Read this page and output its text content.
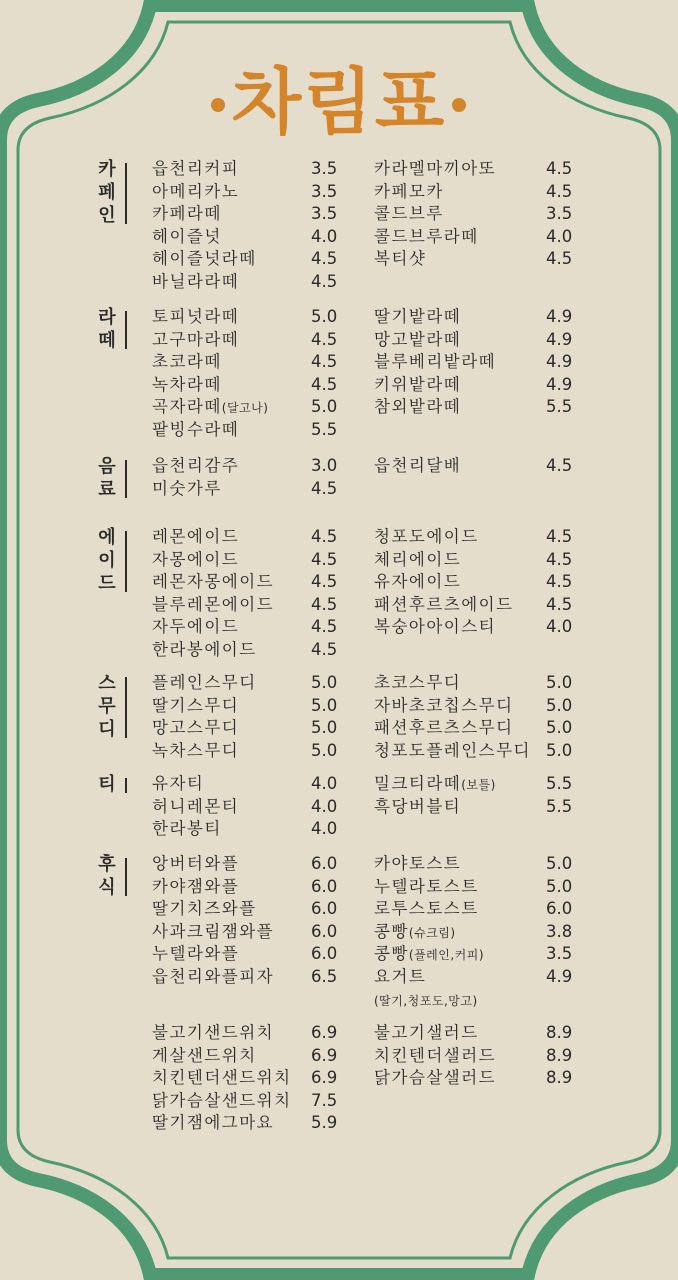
차림표
카
페
인
읍천리커피	3.5
아메리카노	3.5
카페라떼	3.5
헤이즐넛	4.0
헤이즐넛라떼	4.5
바닐라라떼	4.5
카라멜마끼아또	4.5
카페모카	4.5
콜드브루	3.5
콜드브루라떼	4.0
복티샷	4.5
라
떼
토피넛라떼	5.0
고구마라떼	4.5
초코라떼	4.5
녹차라떼	4.5
곡자라떼(달고나)	5.0
팥빙수라떼	5.5
딸기밭라떼	4.9
망고밭라떼	4.9
블루베리밭라떼	4.9
키위밭라떼	4.9
참외밭라떼	5.5
음
료
읍천리감주	3.0
미숫가루	4.5
읍천리달배	4.5
에
이
드
레몬에이드	4.5
자몽에이드	4.5
레몬자몽에이드 4.5
블루레몬에이드 4.5
자두에이드	4.5
한라봉에이드	4.5
청포도에이드	4.5
체리에이드	4.5
유자에이드	4.5
패션후르츠에이드 4.5
복숭아아이스티	4.0
스
무
디
플레인스무디	5.0
딸기스무디	5.0
망고스무디	5.0
녹차스무디	5.0
초코스무디	5.0
자바초코칩스무디 5.0
패션후르츠스무디 5.0
청포도플레인스무디 5.0
티 유자티	4.0
허니레몬티	4.0
한라봉티	4.0
밀크티라떼(보틀)	5.5
흑당버블티	5.5
후
식
앙버터와플	6.0
카야잼와플	6.0
딸기치즈와플	6.0
사과크림잼와플 6.0
누텔라와플	6.0
읍천리와플피자 6.5
카야토스트	5.0
누텔라토스트	5.0
로투스토스트	6.0
콩빵(슈크림)	3.8
콩빵(플레인,커피)	3.5
요거트	4.9
(딸기,청포도,망고)
불고기샌드위치 6.9
게살샌드위치	6.9
치킨텐더샌드위치 6.9
닭가슴살샌드위치 7.5
딸기잼에그마요 5.9
불고기샐러드	8.9
치킨텐더샐러드	8.9
닭가슴살샐러드	8.9
